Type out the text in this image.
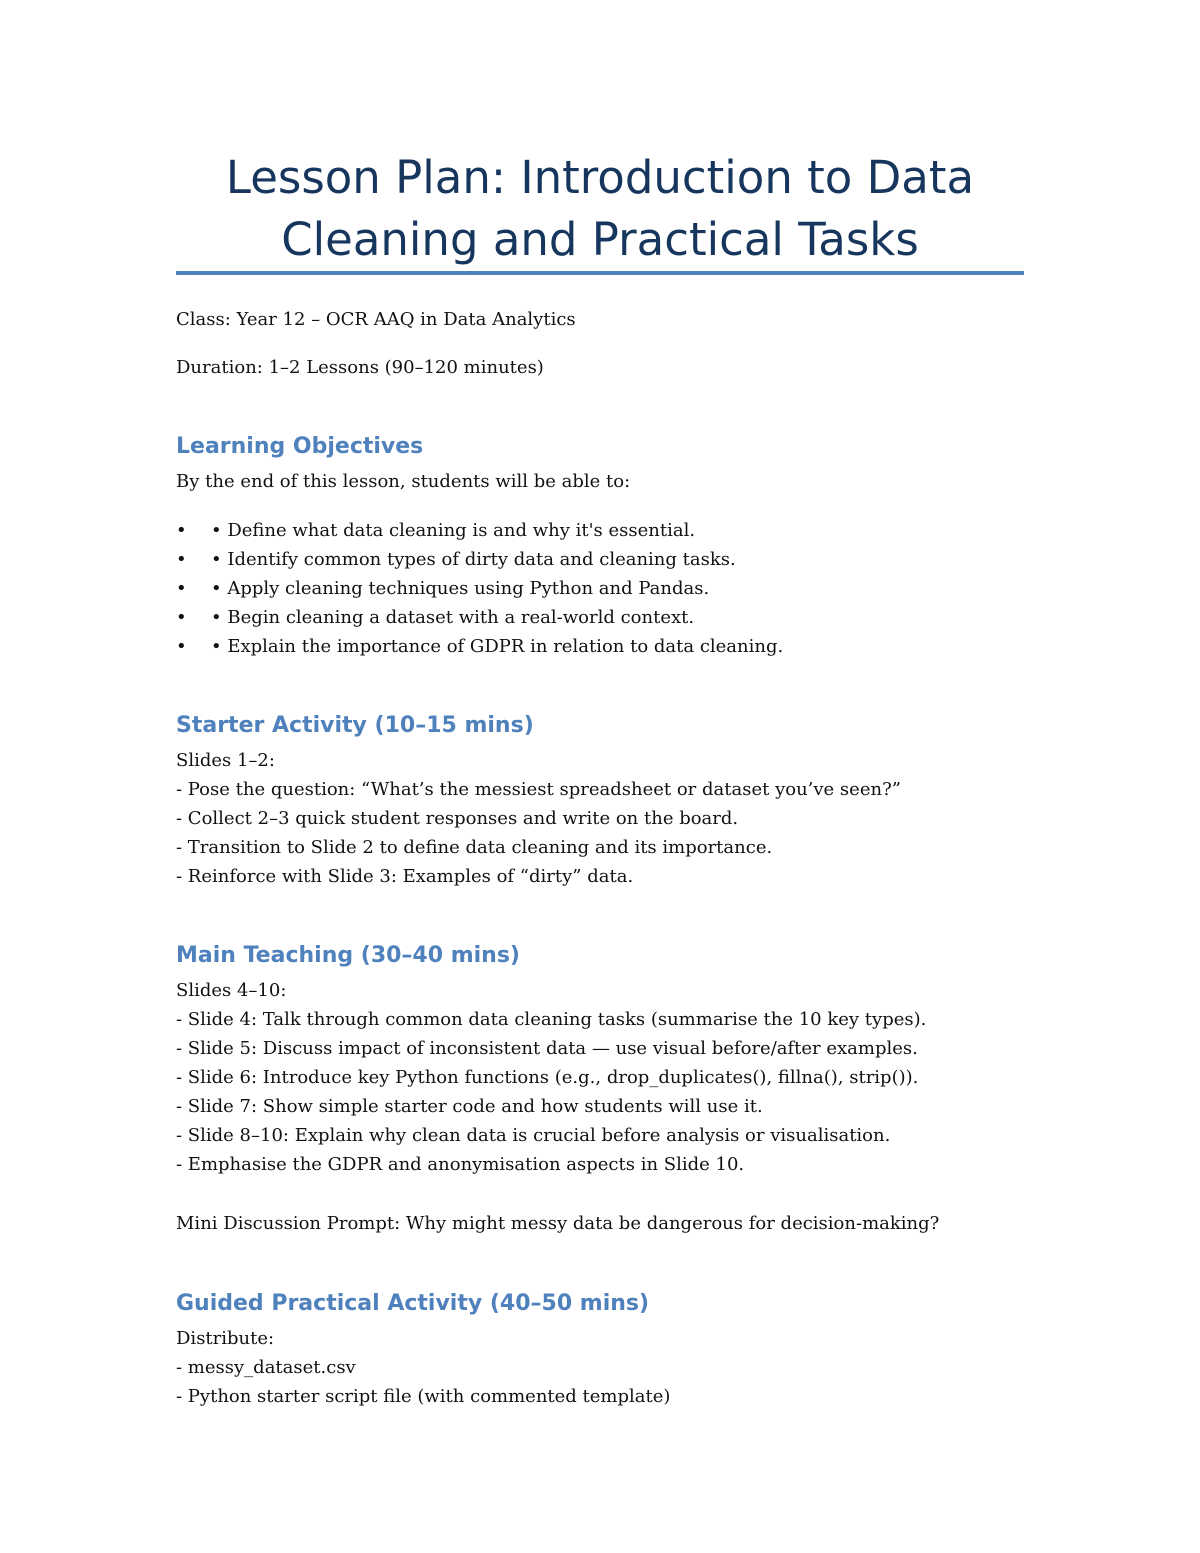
Lesson Plan: Introduction to Data
Cleaning and Practical Tasks

Class: Year 12 – OCR AAQ in Data Analytics

Duration: 1–2 Lessons (90–120 minutes)

Learning Objectives

By the end of this lesson, students will be able to:

• • Define what data cleaning is and why it's essential.
• • Identify common types of dirty data and cleaning tasks.
• • Apply cleaning techniques using Python and Pandas.
• • Begin cleaning a dataset with a real-world context.
• • Explain the importance of GDPR in relation to data cleaning.
Starter Activity (10–15 mins)
Slides 1–2:
- Pose the question: “What’s the messiest spreadsheet or dataset you’ve seen?”
- Collect 2–3 quick student responses and write on the board.
- Transition to Slide 2 to define data cleaning and its importance.
- Reinforce with Slide 3: Examples of “dirty” data.
Main Teaching (30–40 mins)
Slides 4–10:
- Slide 4: Talk through common data cleaning tasks (summarise the 10 key types).
- Slide 5: Discuss impact of inconsistent data — use visual before/after examples.
- Slide 6: Introduce key Python functions (e.g., drop_duplicates(), fillna(), strip()).
- Slide 7: Show simple starter code and how students will use it.
- Slide 8–10: Explain why clean data is crucial before analysis or visualisation.
- Emphasise the GDPR and anonymisation aspects in Slide 10.

Mini Discussion Prompt: Why might messy data be dangerous for decision-making?

Guided Practical Activity (40–50 mins)
Distribute:
- messy_dataset.csv
- Python starter script file (with commented template)
